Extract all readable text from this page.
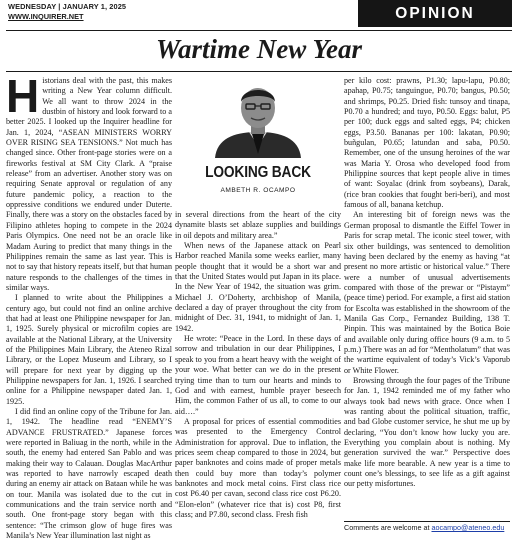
WEDNESDAY | JANUARY 1, 2025
WWW.INQUIRER.NET	OPINION
Wartime New Year

Historians deal with the past, this makes writing a New Year column difficult. We all want to throw 2024 in the dustbin of history and look forward to a better 2025. I looked up the Inquirer headline for Jan. 1, 2024, “ASEAN MINISTERS WORRY OVER RISING SEA TENSIONS.” Not much has changed since. Other front-page stories were on a fireworks festival at SM City Clark. A “praise release” from an advertiser. Another story was on requiring Senate approval or regulation of any future pandemic policy, a reaction to the oppressive conditions we endured under Duterte. Finally, there was a story on the obstacles faced by Filipino athletes hoping to compete in the 2024 Paris Olympics. One need not be an oracle like Madam Auring to predict that many things in the Philippines remain the same as last year. This is not to say that history repeats itself, but that human nature responds to the challenges of the times in similar ways.

I planned to write about the Philippines a century ago, but could not find an online archive that had at least one Philippine newspaper for Jan. 1, 1925. Surely physical or microfilm copies are available at the National Library, at the University of the Philippines Main Library, the Ateneo Rizal Library, or the Lopez Museum and Library, so I will prepare for next year by digging up the Philippine newspapers for Jan. 1, 1926. I searched online for a Philippine newspaper dated Jan. 1, 1925.

I did find an online copy of the Tribune for Jan. 1, 1942. The headline read “ENEMY’S ADVANCE FRUSTRATED.” Japanese forces were reported in Baliuag in the north, while in the south, the enemy had entered San Pablo and was making their way to Calauan. Douglas MacArthur was reported to have narrowly escaped death during an enemy air attack on Bataan while he was on tour. Manila was isolated due to the cut in communications and the train service north and south. One front-page story began with this sentence: “The crimson glow of huge fires was Manila’s New Year illumination last night as

LOOKING BACK
AMBETH R. OCAMPO

in several directions from the heart of the city dynamite blasts set ablaze supplies and buildings in oil depots and military area.”

When news of the Japanese attack on Pearl Harbor reached Manila some weeks earlier, many people thought that it would be a short war and that the United States would put Japan in its place. In the New Year of 1942, the situation was grim. Michael J. O’Doherty, archbishop of Manila, declared a day of prayer throughout the city from midnight of Dec. 31, 1941, to midnight of Jan. 1, 1942.

He wrote: “Peace in the Lord. In these days of sorrow and tribulation in our dear Philippines, I speak to you from a heart heavy with the weight of your woe. What better can we do in the present trying time than to turn our hearts and minds to God and with earnest, humble prayer beseech Him, the common Father of us all, to come to our aid….”

A proposal for prices of essential commodities was presented to the Emergency Control Administration for approval. Due to inflation, the prices seem cheap compared to those in 2024, but paper banknotes and coins made of proper metals then could buy more than today’s polymer banknotes and mock metal coins. First class rice cost P6.40 per cavan, second class rice cost P6.20. “Elon-elon” (whatever rice that is) cost P8, first class; and P7.80, second class. Fresh fish

per kilo cost: prawns, P1.30; lapu-lapu, P0.80; apahap, P0.75; tanguingue, P0.70; bangus, P0.50; and shrimps, P0.25. Dried fish: tunsoy and tinapa, P0.70 a hundred; and tuyo, P0.50. Eggs: balut, P5 per 100; duck eggs and salted eggs, P4; chicken eggs, P3.50. Bananas per 100: lakatan, P0.90; buñgulan, P0.65; latundan and saba, P0.50. Remember, one of the unsung heroines of the war was Maria Y. Orosa who developed food from Philippine sources that kept people alive in times of want: Soyalac (drink from soybeans), Darak, (rice bran cookies that fought beri-beri), and most famous of all, banana ketchup.

An interesting bit of foreign news was the German proposal to dismantle the Eiffel Tower in Paris for scrap metal. The iconic steel tower, with six other buildings, was sentenced to demolition having been declared by the enemy as having “at present no more artistic or historical value.” There were a number of unusual advertisements compared with those of the prewar or “Pistaym” (peace time) period. For example, a first aid station for Escolta was established in the showroom of the Manila Gas Corp., Fernandez Building, 138 T. Pinpin. This was maintained by the Botica Boie and available only during office hours (9 a.m. to 5 p.m.) There was an ad for “Mentholatum” that was the wartime equivalent of today’s Vick’s Vaporub or White Flower.

Browsing through the four pages of the Tribune for Jan. 1, 1942 reminded me of my father who always took bad news with grace. Once when I was ranting about the political situation, traffic, and bad Globe customer service, he shut me up by declaring, “You don’t know how lucky you are. Everything you complain about is nothing. My generation survived the war.” Perspective does make life more bearable. A new year is a time to count one’s blessings, to see life as a gift against our petty misfortunes.

Comments are welcome at aocampo@ateneo.edu
